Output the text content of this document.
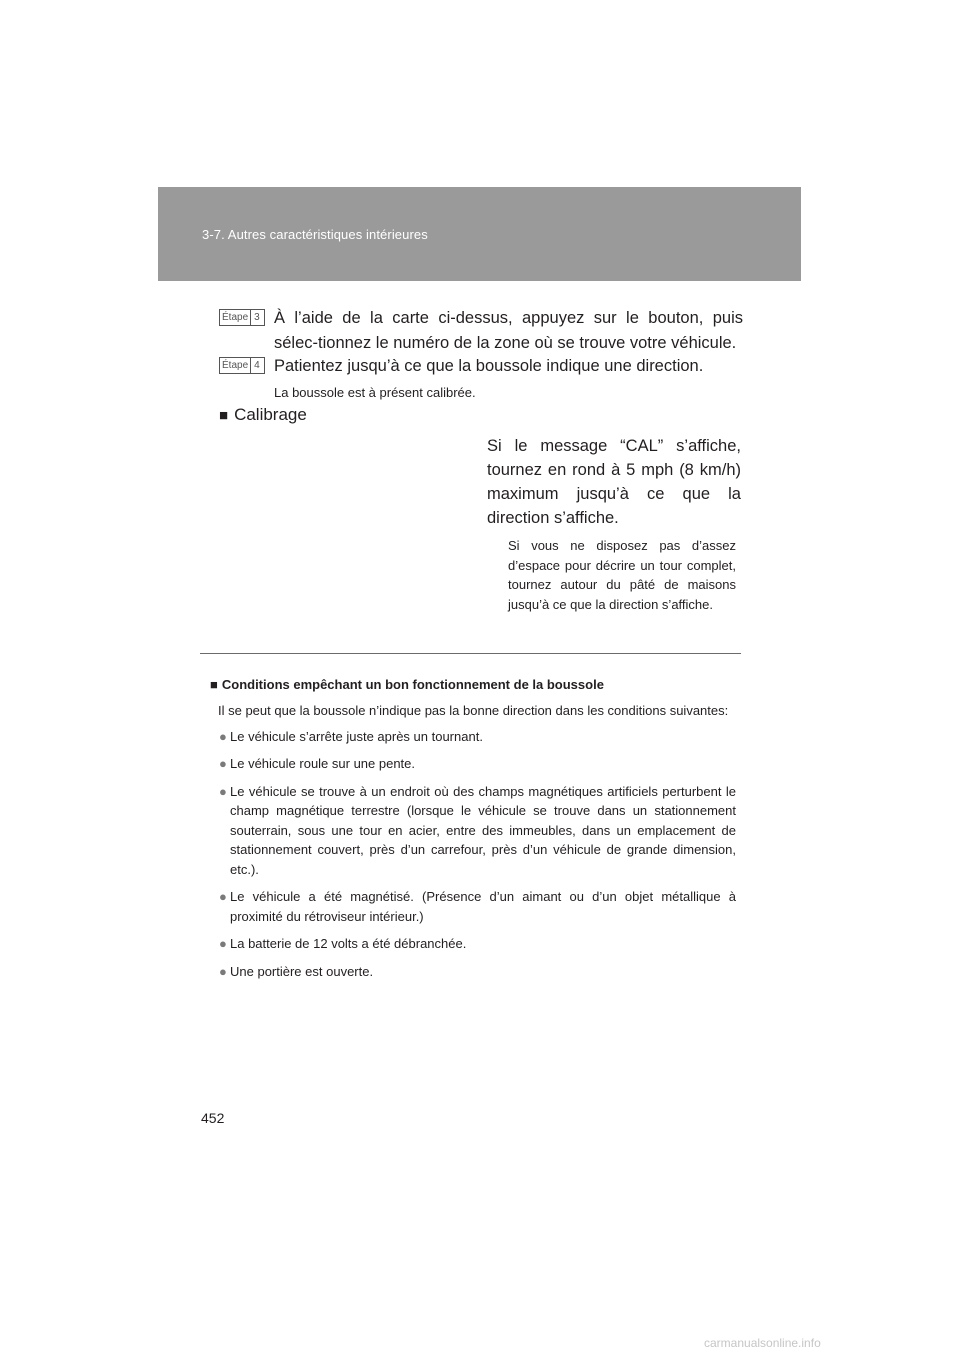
3-7. Autres caractéristiques intérieures
Étape 3 À l’aide de la carte ci-dessus, appuyez sur le bouton, puis sélec-tionnez le numéro de la zone où se trouve votre véhicule.
Étape 4 Patientez jusqu’à ce que la boussole indique une direction.
La boussole est à présent calibrée.
■ Calibrage
Si le message “CAL” s’affiche, tournez en rond à 5 mph (8 km/h) maximum jusqu’à ce que la direction s’affiche.
Si vous ne disposez pas d’assez d’espace pour décrire un tour complet, tournez autour du pâté de maisons jusqu’à ce que la direction s’affiche.
■ Conditions empêchant un bon fonctionnement de la boussole
Il se peut que la boussole n’indique pas la bonne direction dans les conditions suivantes:
● Le véhicule s’arrête juste après un tournant.
● Le véhicule roule sur une pente.
● Le véhicule se trouve à un endroit où des champs magnétiques artificiels perturbent le champ magnétique terrestre (lorsque le véhicule se trouve dans un stationnement souterrain, sous une tour en acier, entre des immeubles, dans un emplacement de stationnement couvert, près d’un carrefour, près d’un véhicule de grande dimension, etc.).
● Le véhicule a été magnétisé. (Présence d’un aimant ou d’un objet métallique à proximité du rétroviseur intérieur.)
● La batterie de 12 volts a été débranchée.
● Une portière est ouverte.
452
carmanualsonline.info
